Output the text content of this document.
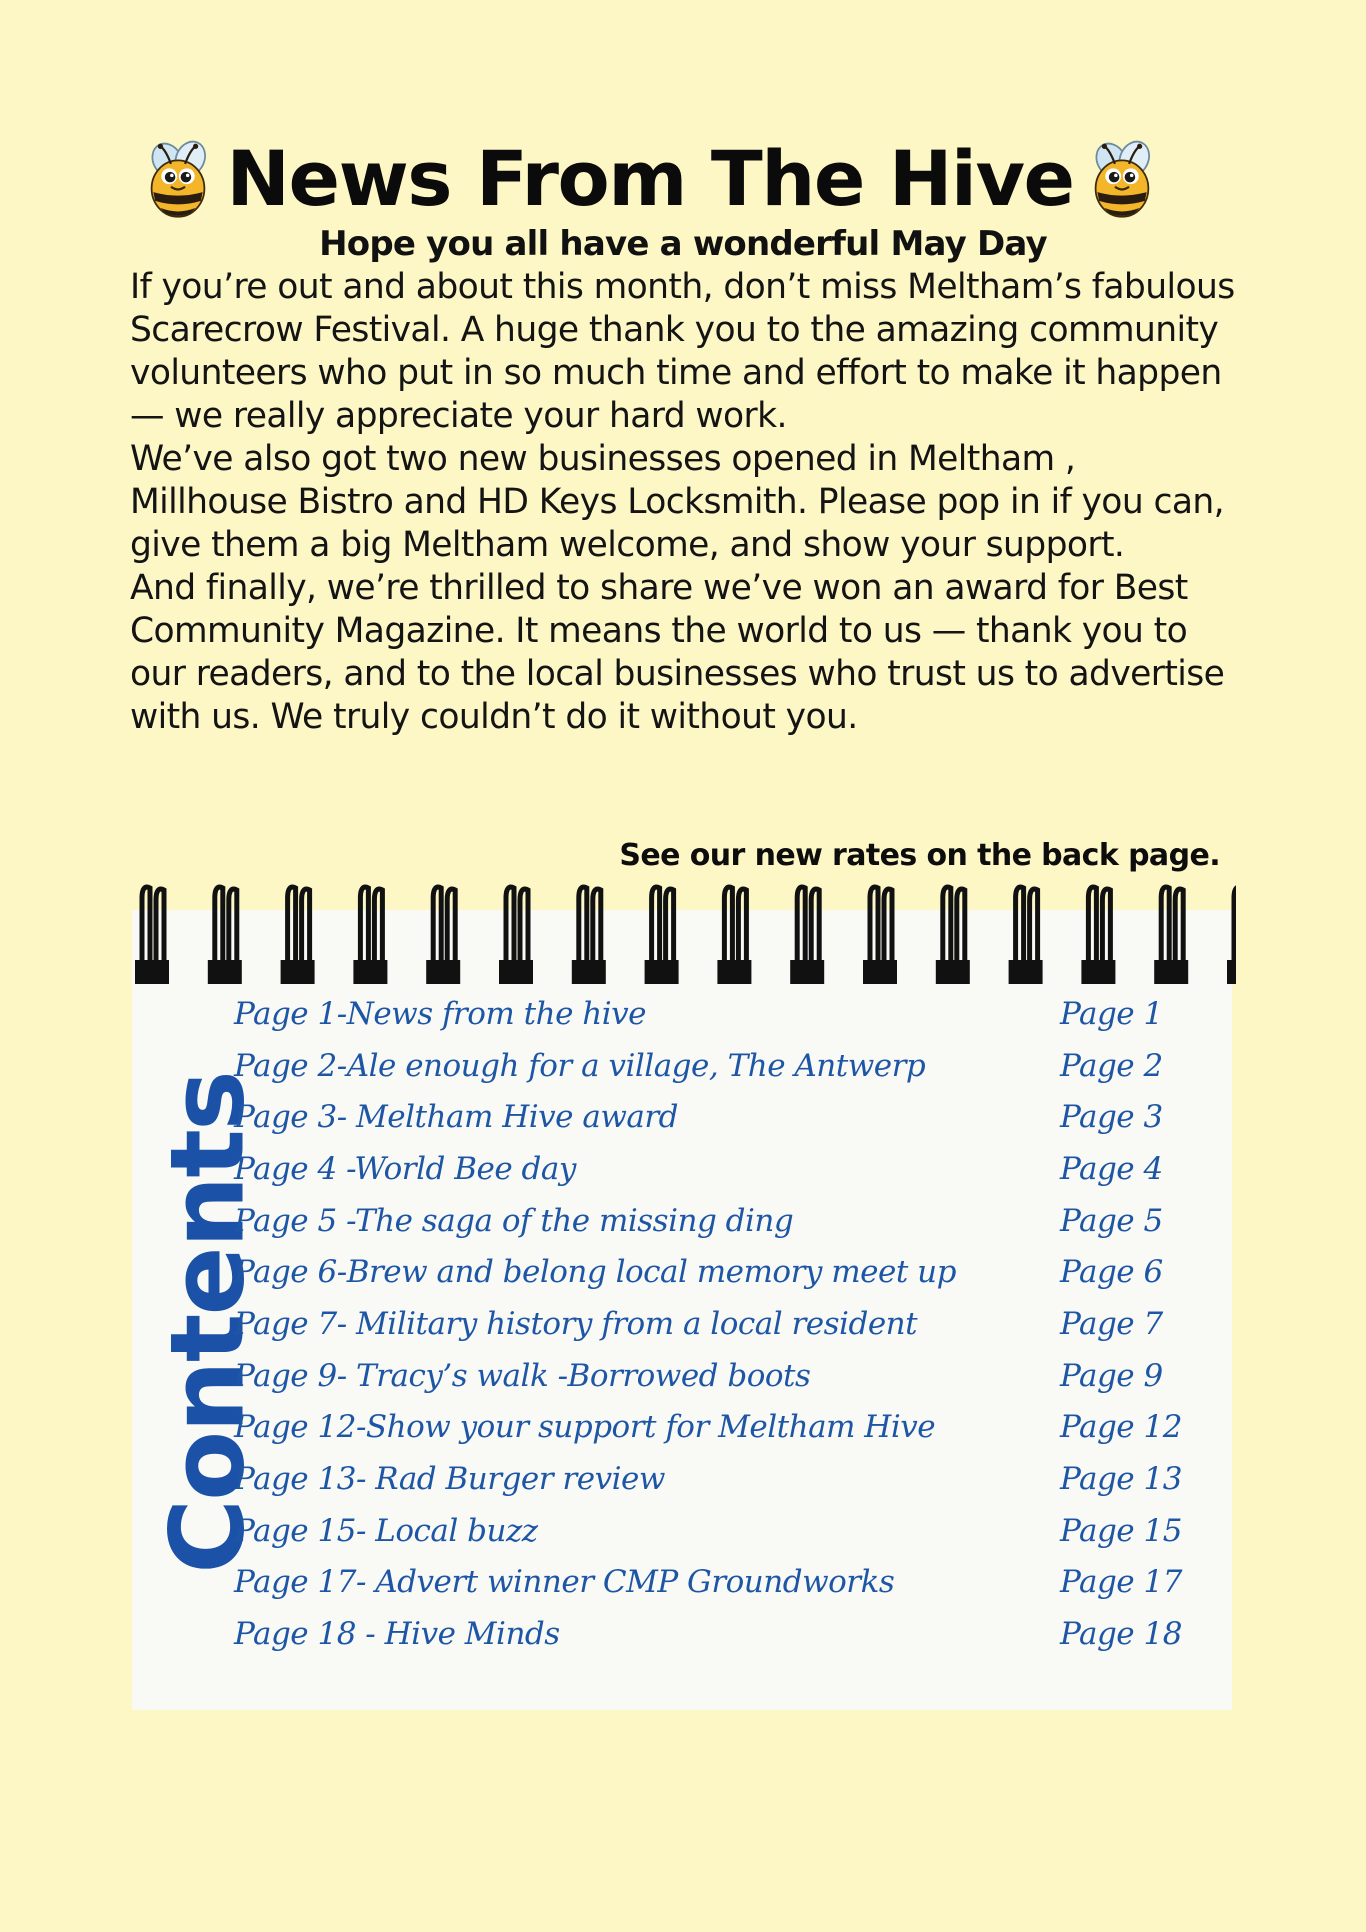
News From The Hive
Hope you all have a wonderful May Day

If you’re out and about this month, don’t miss Meltham’s fabulous Scarecrow Festival. A huge thank you to the amazing community volunteers who put in so much time and effort to make it happen — we really appreciate your hard work.

We’ve also got two new businesses opened in Meltham , Millhouse Bistro and HD Keys Locksmith. Please pop in if you can, give them a big Meltham welcome, and show your support.

And finally, we’re thrilled to share we’ve won an award for Best Community Magazine. It means the world to us — thank you to our readers, and to the local businesses who trust us to advertise with us. We truly couldn’t do it without you.

See our new rates on the back page.
Contents
Page 1-News from the hive	Page 1
Page 2-Ale enough for a village, The Antwerp	Page 2
Page 3- Meltham Hive award	Page 3
Page 4 -World Bee day	Page 4
Page 5 -The saga of the missing ding	Page 5
Page 6-Brew and belong local memory meet up	Page 6
Page 7- Military history from a local resident	Page 7
Page 9- Tracy’s walk -Borrowed boots	Page 9
Page 12-Show your support for Meltham Hive	Page 12
Page 13- Rad Burger review	Page 13
Page 15- Local buzz	Page 15
Page 17- Advert winner CMP Groundworks	Page 17
Page 18 - Hive Minds	Page 18
